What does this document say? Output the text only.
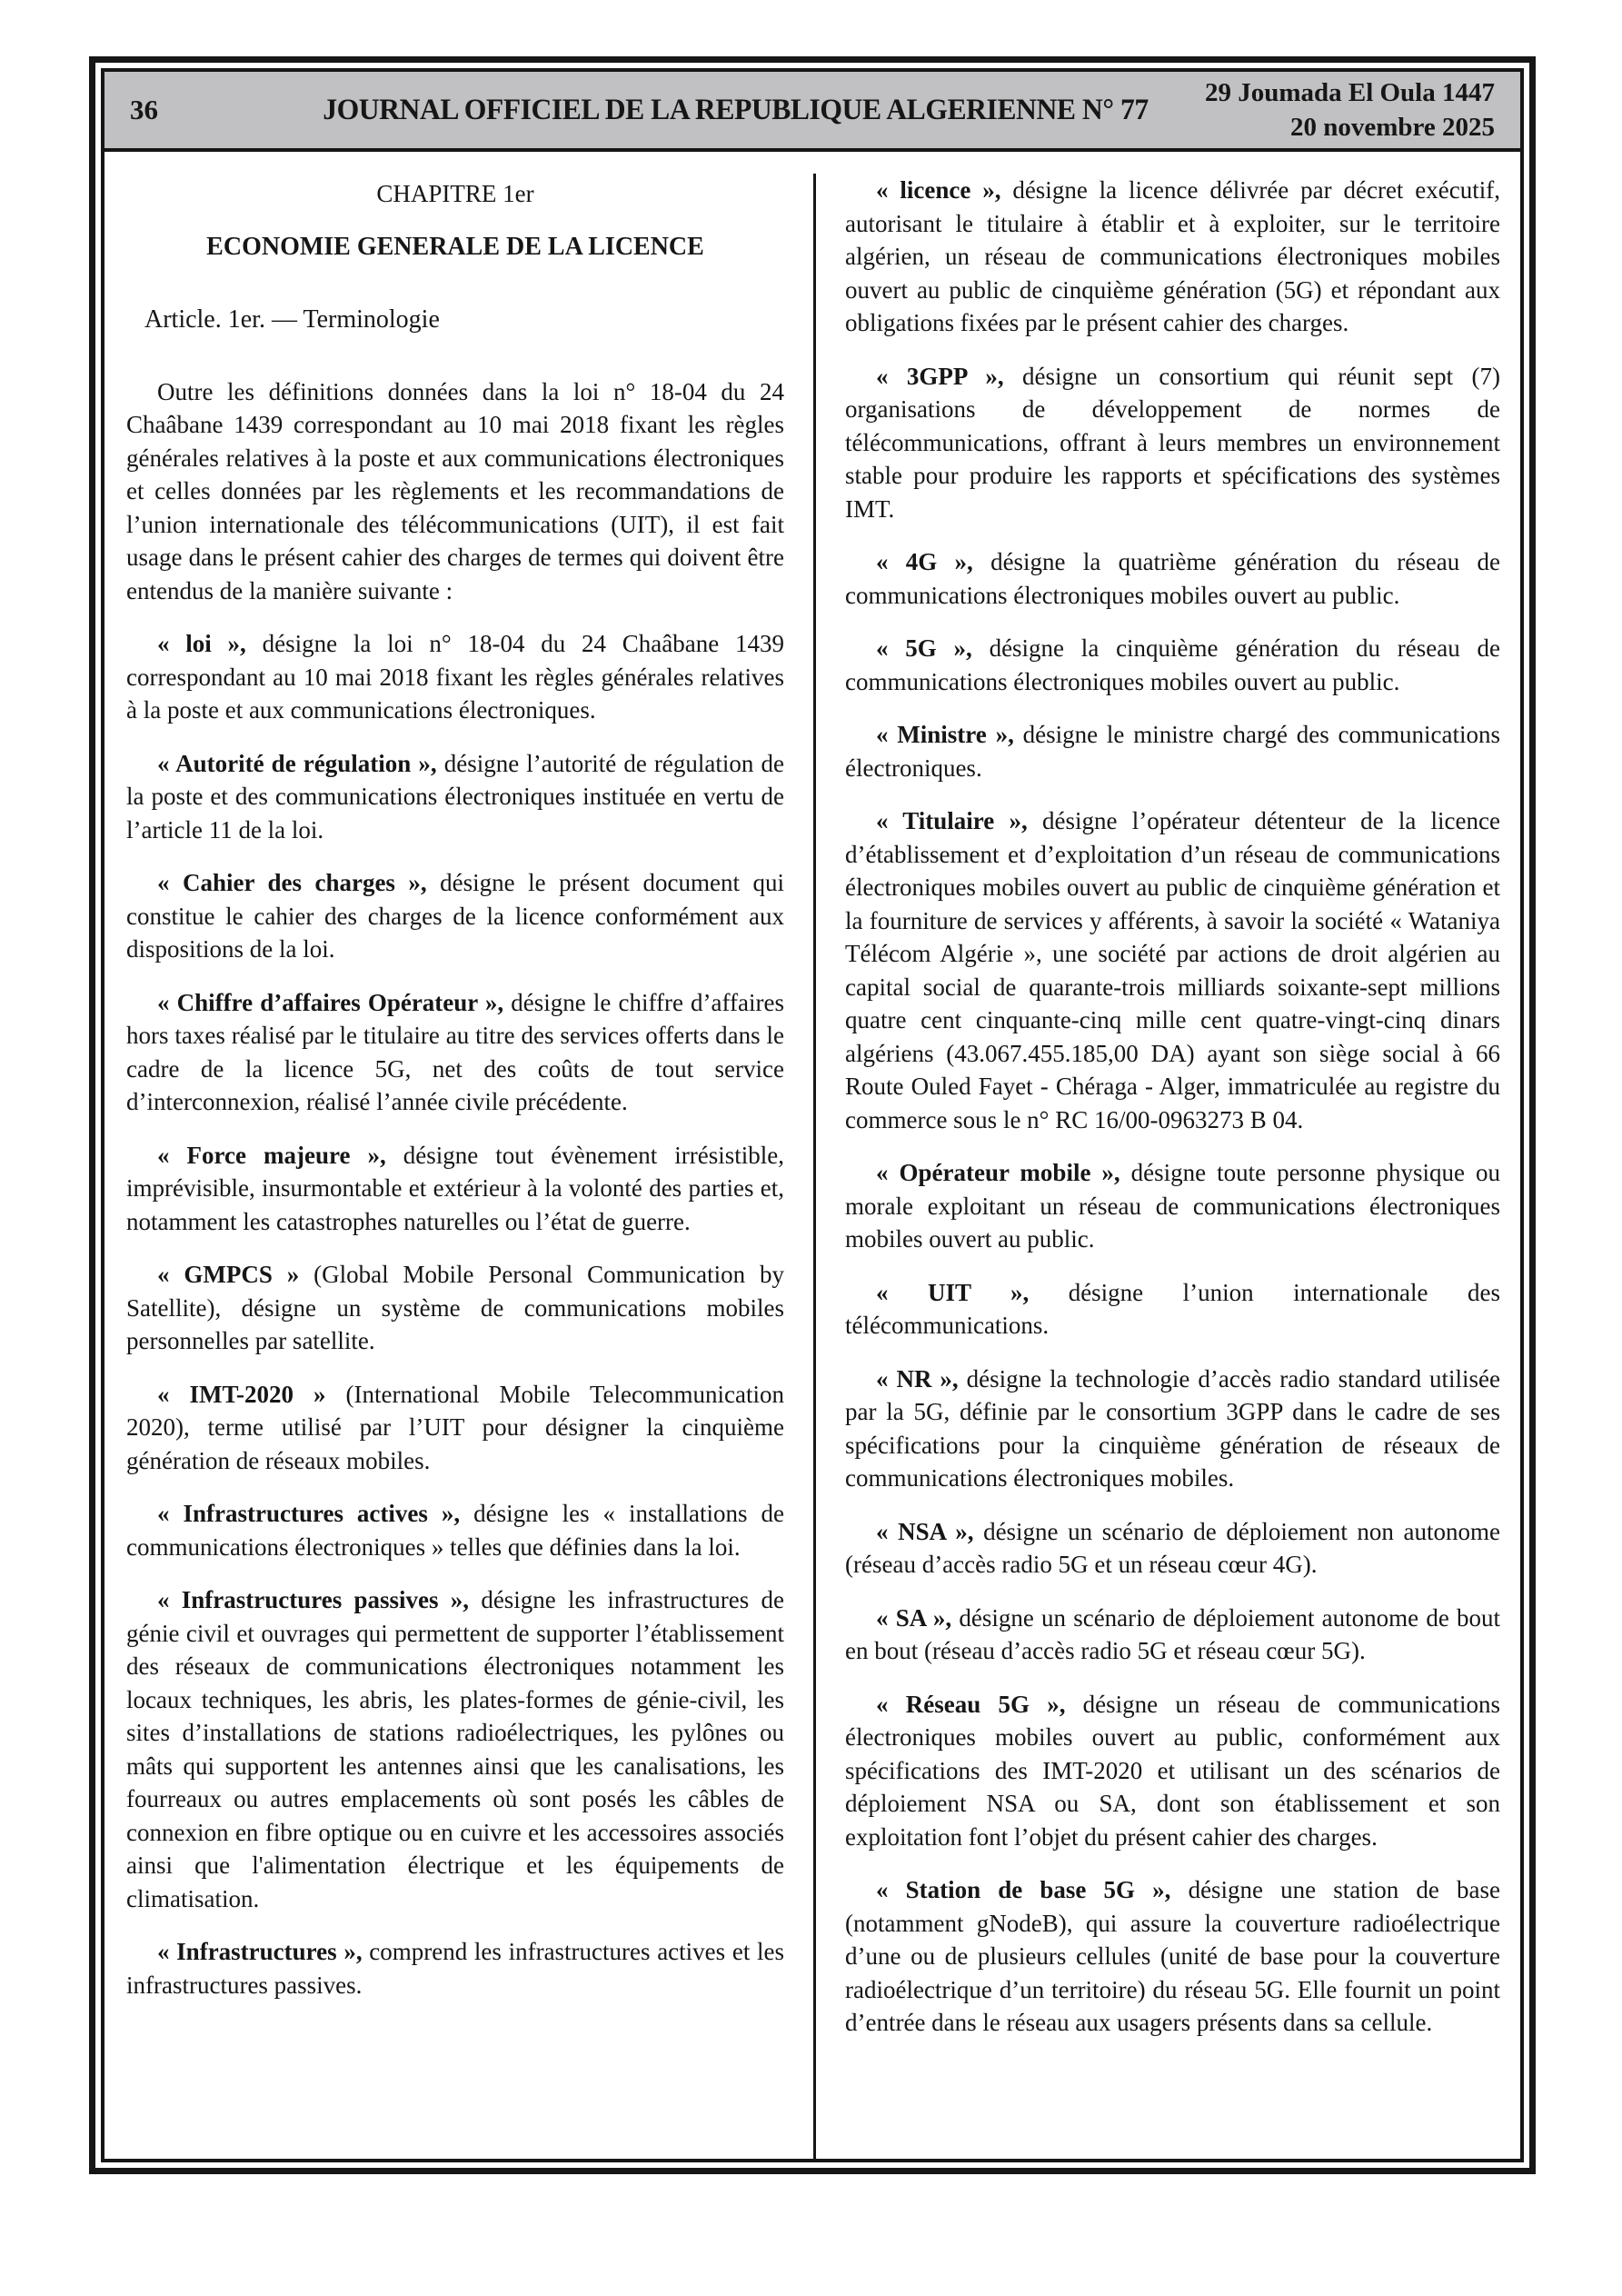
36	JOURNAL OFFICIEL DE LA REPUBLIQUE ALGERIENNE N° 77
29 Joumada El Oula 1447
20 novembre 2025

CHAPITRE 1er

ECONOMIE GENERALE DE LA LICENCE

Article. 1er. — Terminologie

Outre les définitions données dans la loi n° 18-04 du 24 Chaâbane 1439 correspondant au 10 mai 2018 fixant les règles générales relatives à la poste et aux communications électroniques et celles données par les règlements et les recommandations de l’union internationale des télécommunications (UIT), il est fait usage dans le présent cahier des charges de termes qui doivent être entendus de la manière suivante :

« loi », désigne la loi n° 18-04 du 24 Chaâbane 1439 correspondant au 10 mai 2018 fixant les règles générales relatives à la poste et aux communications électroniques.

« Autorité de régulation », désigne l’autorité de régulation de la poste et des communications électroniques instituée en vertu de l’article 11 de la loi.

« Cahier des charges », désigne le présent document qui constitue le cahier des charges de la licence conformément aux dispositions de la loi.

« Chiffre d’affaires Opérateur », désigne le chiffre d’affaires hors taxes réalisé par le titulaire au titre des services offerts dans le cadre de la licence 5G, net des coûts de tout service d’interconnexion, réalisé l’année civile précédente.

« Force majeure », désigne tout évènement irrésistible, imprévisible, insurmontable et extérieur à la volonté des parties et, notamment les catastrophes naturelles ou l’état de guerre.

« GMPCS » (Global Mobile Personal Communication by Satellite), désigne un système de communications mobiles personnelles par satellite.

« IMT-2020 » (International Mobile Telecommunication 2020), terme utilisé par l’UIT pour désigner la cinquième génération de réseaux mobiles.

« Infrastructures actives », désigne les « installations de communications électroniques » telles que définies dans la loi.

« Infrastructures passives », désigne les infrastructures de génie civil et ouvrages qui permettent de supporter l’établissement des réseaux de communications électroniques notamment les locaux techniques, les abris, les plates-formes de génie-civil, les sites d’installations de stations radioélectriques, les pylônes ou mâts qui supportent les antennes ainsi que les canalisations, les fourreaux ou autres emplacements où sont posés les câbles de connexion en fibre optique ou en cuivre et les accessoires associés ainsi que l'alimentation électrique et les équipements de climatisation.

« Infrastructures », comprend les infrastructures actives et les infrastructures passives.

« licence », désigne la licence délivrée par décret exécutif, autorisant le titulaire à établir et à exploiter, sur le territoire algérien, un réseau de communications électroniques mobiles ouvert au public de cinquième génération (5G) et répondant aux obligations fixées par le présent cahier des charges.

« 3GPP », désigne un consortium qui réunit sept (7) organisations de développement de normes de télécommunications, offrant à leurs membres un environnement stable pour produire les rapports et spécifications des systèmes IMT.

« 4G », désigne la quatrième génération du réseau de communications électroniques mobiles ouvert au public.

« 5G », désigne la cinquième génération du réseau de communications électroniques mobiles ouvert au public.

« Ministre », désigne le ministre chargé des communications électroniques.

« Titulaire », désigne l’opérateur détenteur de la licence d’établissement et d’exploitation d’un réseau de communications électroniques mobiles ouvert au public de cinquième génération et la fourniture de services y afférents, à savoir la société « Wataniya Télécom Algérie », une société par actions de droit algérien au capital social de quarante-trois milliards soixante-sept millions quatre cent cinquante-cinq mille cent quatre-vingt-cinq dinars algériens (43.067.455.185,00 DA) ayant son siège social à 66 Route Ouled Fayet - Chéraga - Alger, immatriculée au registre du commerce sous le n° RC 16/00-0963273 B 04.

« Opérateur mobile », désigne toute personne physique ou morale exploitant un réseau de communications électroniques mobiles ouvert au public.

« UIT », désigne l’union internationale des télécommunications.

« NR », désigne la technologie d’accès radio standard utilisée par la 5G, définie par le consortium 3GPP dans le cadre de ses spécifications pour la cinquième génération de réseaux de communications électroniques mobiles.

« NSA », désigne un scénario de déploiement non autonome (réseau d’accès radio 5G et un réseau cœur 4G).

« SA », désigne un scénario de déploiement autonome de bout en bout (réseau d’accès radio 5G et réseau cœur 5G).

« Réseau 5G », désigne un réseau de communications électroniques mobiles ouvert au public, conformément aux spécifications des IMT-2020 et utilisant un des scénarios de déploiement NSA ou SA, dont son établissement et son exploitation font l’objet du présent cahier des charges.

« Station de base 5G », désigne une station de base (notamment gNodeB), qui assure la couverture radioélectrique d’une ou de plusieurs cellules (unité de base pour la couverture radioélectrique d’un territoire) du réseau 5G. Elle fournit un point d’entrée dans le réseau aux usagers présents dans sa cellule.
